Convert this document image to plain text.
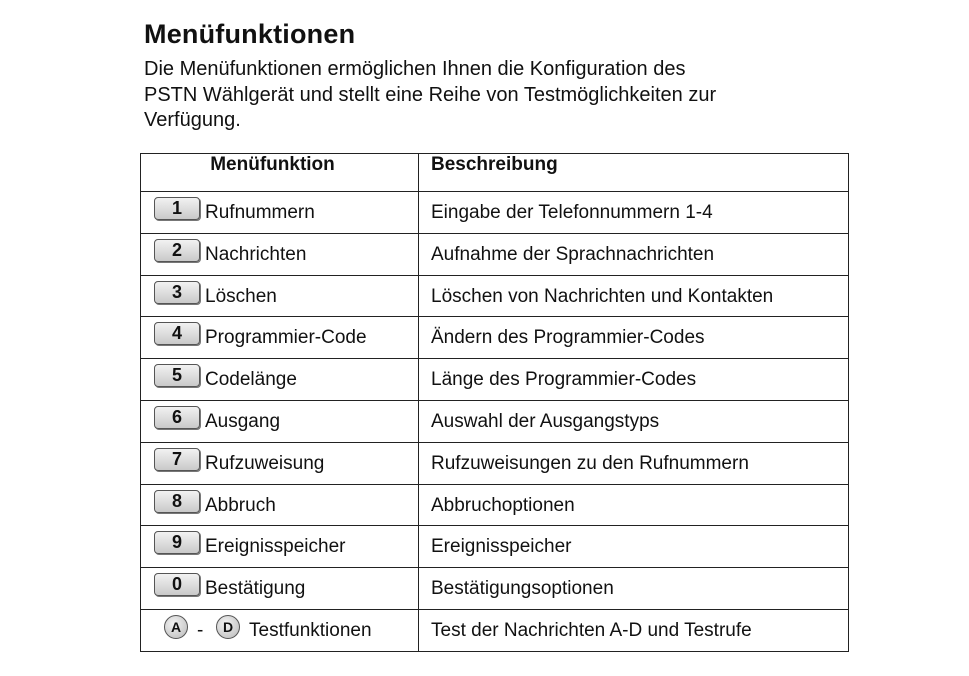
Menüfunktionen

Die Menüfunktionen ermöglichen Ihnen die Konfiguration des
PSTN Wählgerät und stellt eine Reihe von Testmöglichkeiten zur
Verfügung.

Menüfunktion	Beschreibung

1 Rufnummern	Eingabe der Telefonnummern 1-4

2 Nachrichten	Aufnahme der Sprachnachrichten

3 Löschen	Löschen von Nachrichten und Kontakten

4 Programmier-Code	Ändern des Programmier-Codes

5 Codelänge	Länge des Programmier-Codes

6 Ausgang	Auswahl der Ausgangstyps

7 Rufzuweisung	Rufzuweisungen zu den Rufnummern

8 Abbruch	Abbruchoptionen

9 Ereignisspeicher	Ereignisspeicher

0 Bestätigung	Bestätigungsoptionen

A - D Testfunktionen	Test der Nachrichten A-D und Testrufe
